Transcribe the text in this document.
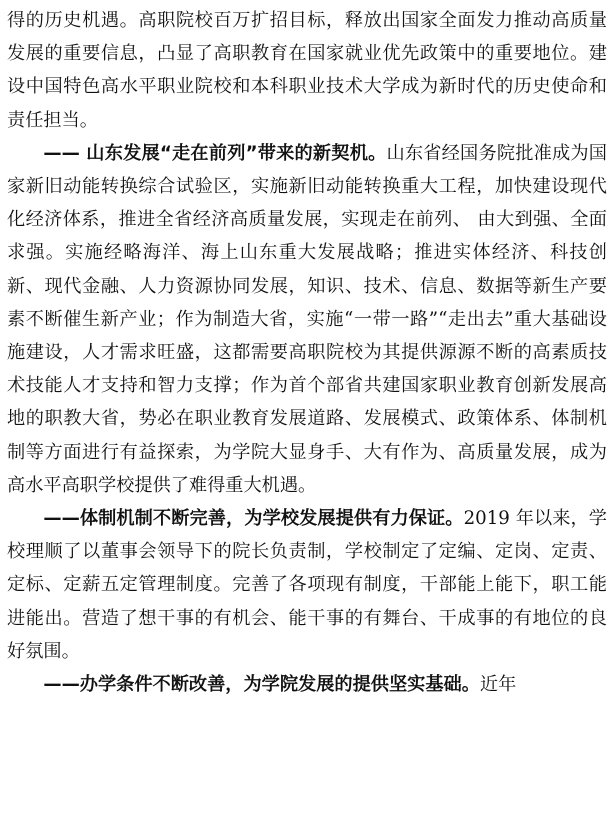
得的历史机遇。高职院校百万扩招目标，释放出国家全面发力推动高质量发展的重要信息，凸显了高职教育在国家就业优先政策中的重要地位。建设中国特色高水平职业院校和本科职业技术大学成为新时代的历史使命和责任担当。

—— 山东发展“走在前列”带来的新契机。山东省经国务院批准成为国家新旧动能转换综合试验区，实施新旧动能转换重大工程，加快建设现代化经济体系，推进全省经济高质量发展，实现走在前列、 由大到强、全面求强。实施经略海洋、海上山东重大发展战略；推进实体经济、科技创新、现代金融、人力资源协同发展，知识、技术、信息、数据等新生产要素不断催生新产业；作为制造大省，实施“一带一路”“走出去”重大基础设施建设，人才需求旺盛，这都需要高职院校为其提供源源不断的高素质技术技能人才支持和智力支撑；作为首个部省共建国家职业教育创新发展高地的职教大省，势必在职业教育发展道路、发展模式、政策体系、体制机制等方面进行有益探索，为学院大显身手、大有作为、高质量发展，成为高水平高职学校提供了难得重大机遇。

——体制机制不断完善，为学校发展提供有力保证。2019 年以来，学校理顺了以董事会领导下的院长负责制，学校制定了定编、定岗、定责、定标、定薪五定管理制度。完善了各项现有制度，干部能上能下，职工能进能出。营造了想干事的有机会、能干事的有舞台、干成事的有地位的良好氛围。

——办学条件不断改善，为学院发展的提供坚实基础。近年
